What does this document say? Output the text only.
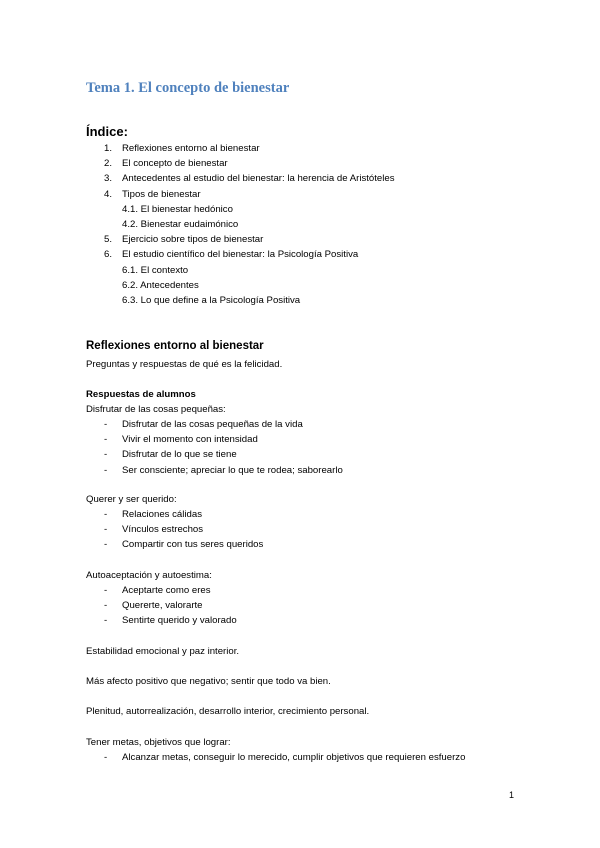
Tema 1. El concepto de bienestar
Índice:
1. Reflexiones entorno al bienestar
2. El concepto de bienestar
3. Antecedentes al estudio del bienestar: la herencia de Aristóteles
4. Tipos de bienestar
4.1. El bienestar hedónico
4.2. Bienestar eudaimónico
5. Ejercicio sobre tipos de bienestar
6. El estudio científico del bienestar: la Psicología Positiva
6.1. El contexto
6.2. Antecedentes
6.3. Lo que define a la Psicología Positiva
Reflexiones entorno al bienestar

Preguntas y respuestas de qué es la felicidad.

Respuestas de alumnos

Disfrutar de las cosas pequeñas:

- Disfrutar de las cosas pequeñas de la vida
- Vivir el momento con intensidad
- Disfrutar de lo que se tiene
- Ser consciente; apreciar lo que te rodea; saborearlo

Querer y ser querido:

- Relaciones cálidas
- Vínculos estrechos
- Compartir con tus seres queridos

Autoaceptación y autoestima:

- Aceptarte como eres
- Quererte, valorarte
- Sentirte querido y valorado

Estabilidad emocional y paz interior.

Más afecto positivo que negativo; sentir que todo va bien.

Plenitud, autorrealización, desarrollo interior, crecimiento personal.

Tener metas, objetivos que lograr:

- Alcanzar metas, conseguir lo merecido, cumplir objetivos que requieren esfuerzo

1
